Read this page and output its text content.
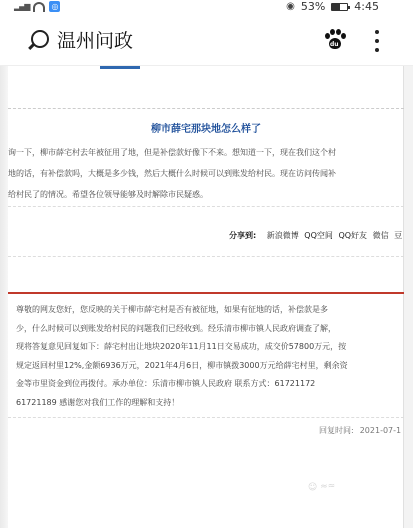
▂▄▆	◎	◉ 53%	4:45
温州问政	du
柳市薛宅那块地怎么样了
询一下，柳市薛宅村去年被征用了地，但是补偿款好像下不来。想知道一下，现在我们这个村
地的话，有补偿款吗，大概是多少钱，然后大概什么时候可以到账发给村民。现在访问传闻补
给村民了的情况。希望各位领导能够及时解除市民疑惑。
分享到: 新浪微博 QQ空间 QQ好友 微信 豆
尊敬的网友您好，您反映的关于柳市薛宅村是否有被征地，如果有征地的话，补偿款是多
少，什么时候可以到账发给村民的问题我们已经收到。经乐清市柳市镇人民政府调查了解，
现将答复意见回复如下：薛宅村出让地块2020年11月11日交易成功，成交价57800万元，按
规定返回村里12%,金额6936万元，2021年4月6日，柳市镇拨3000万元给薛宅村里，剩余资
金等市里资金到位再拨付。承办单位：乐清市柳市镇人民政府 联系方式：61721172
61721189 感谢您对我们工作的理解和支持！
回复时间: 2021-07-1
☺ ≈≈
